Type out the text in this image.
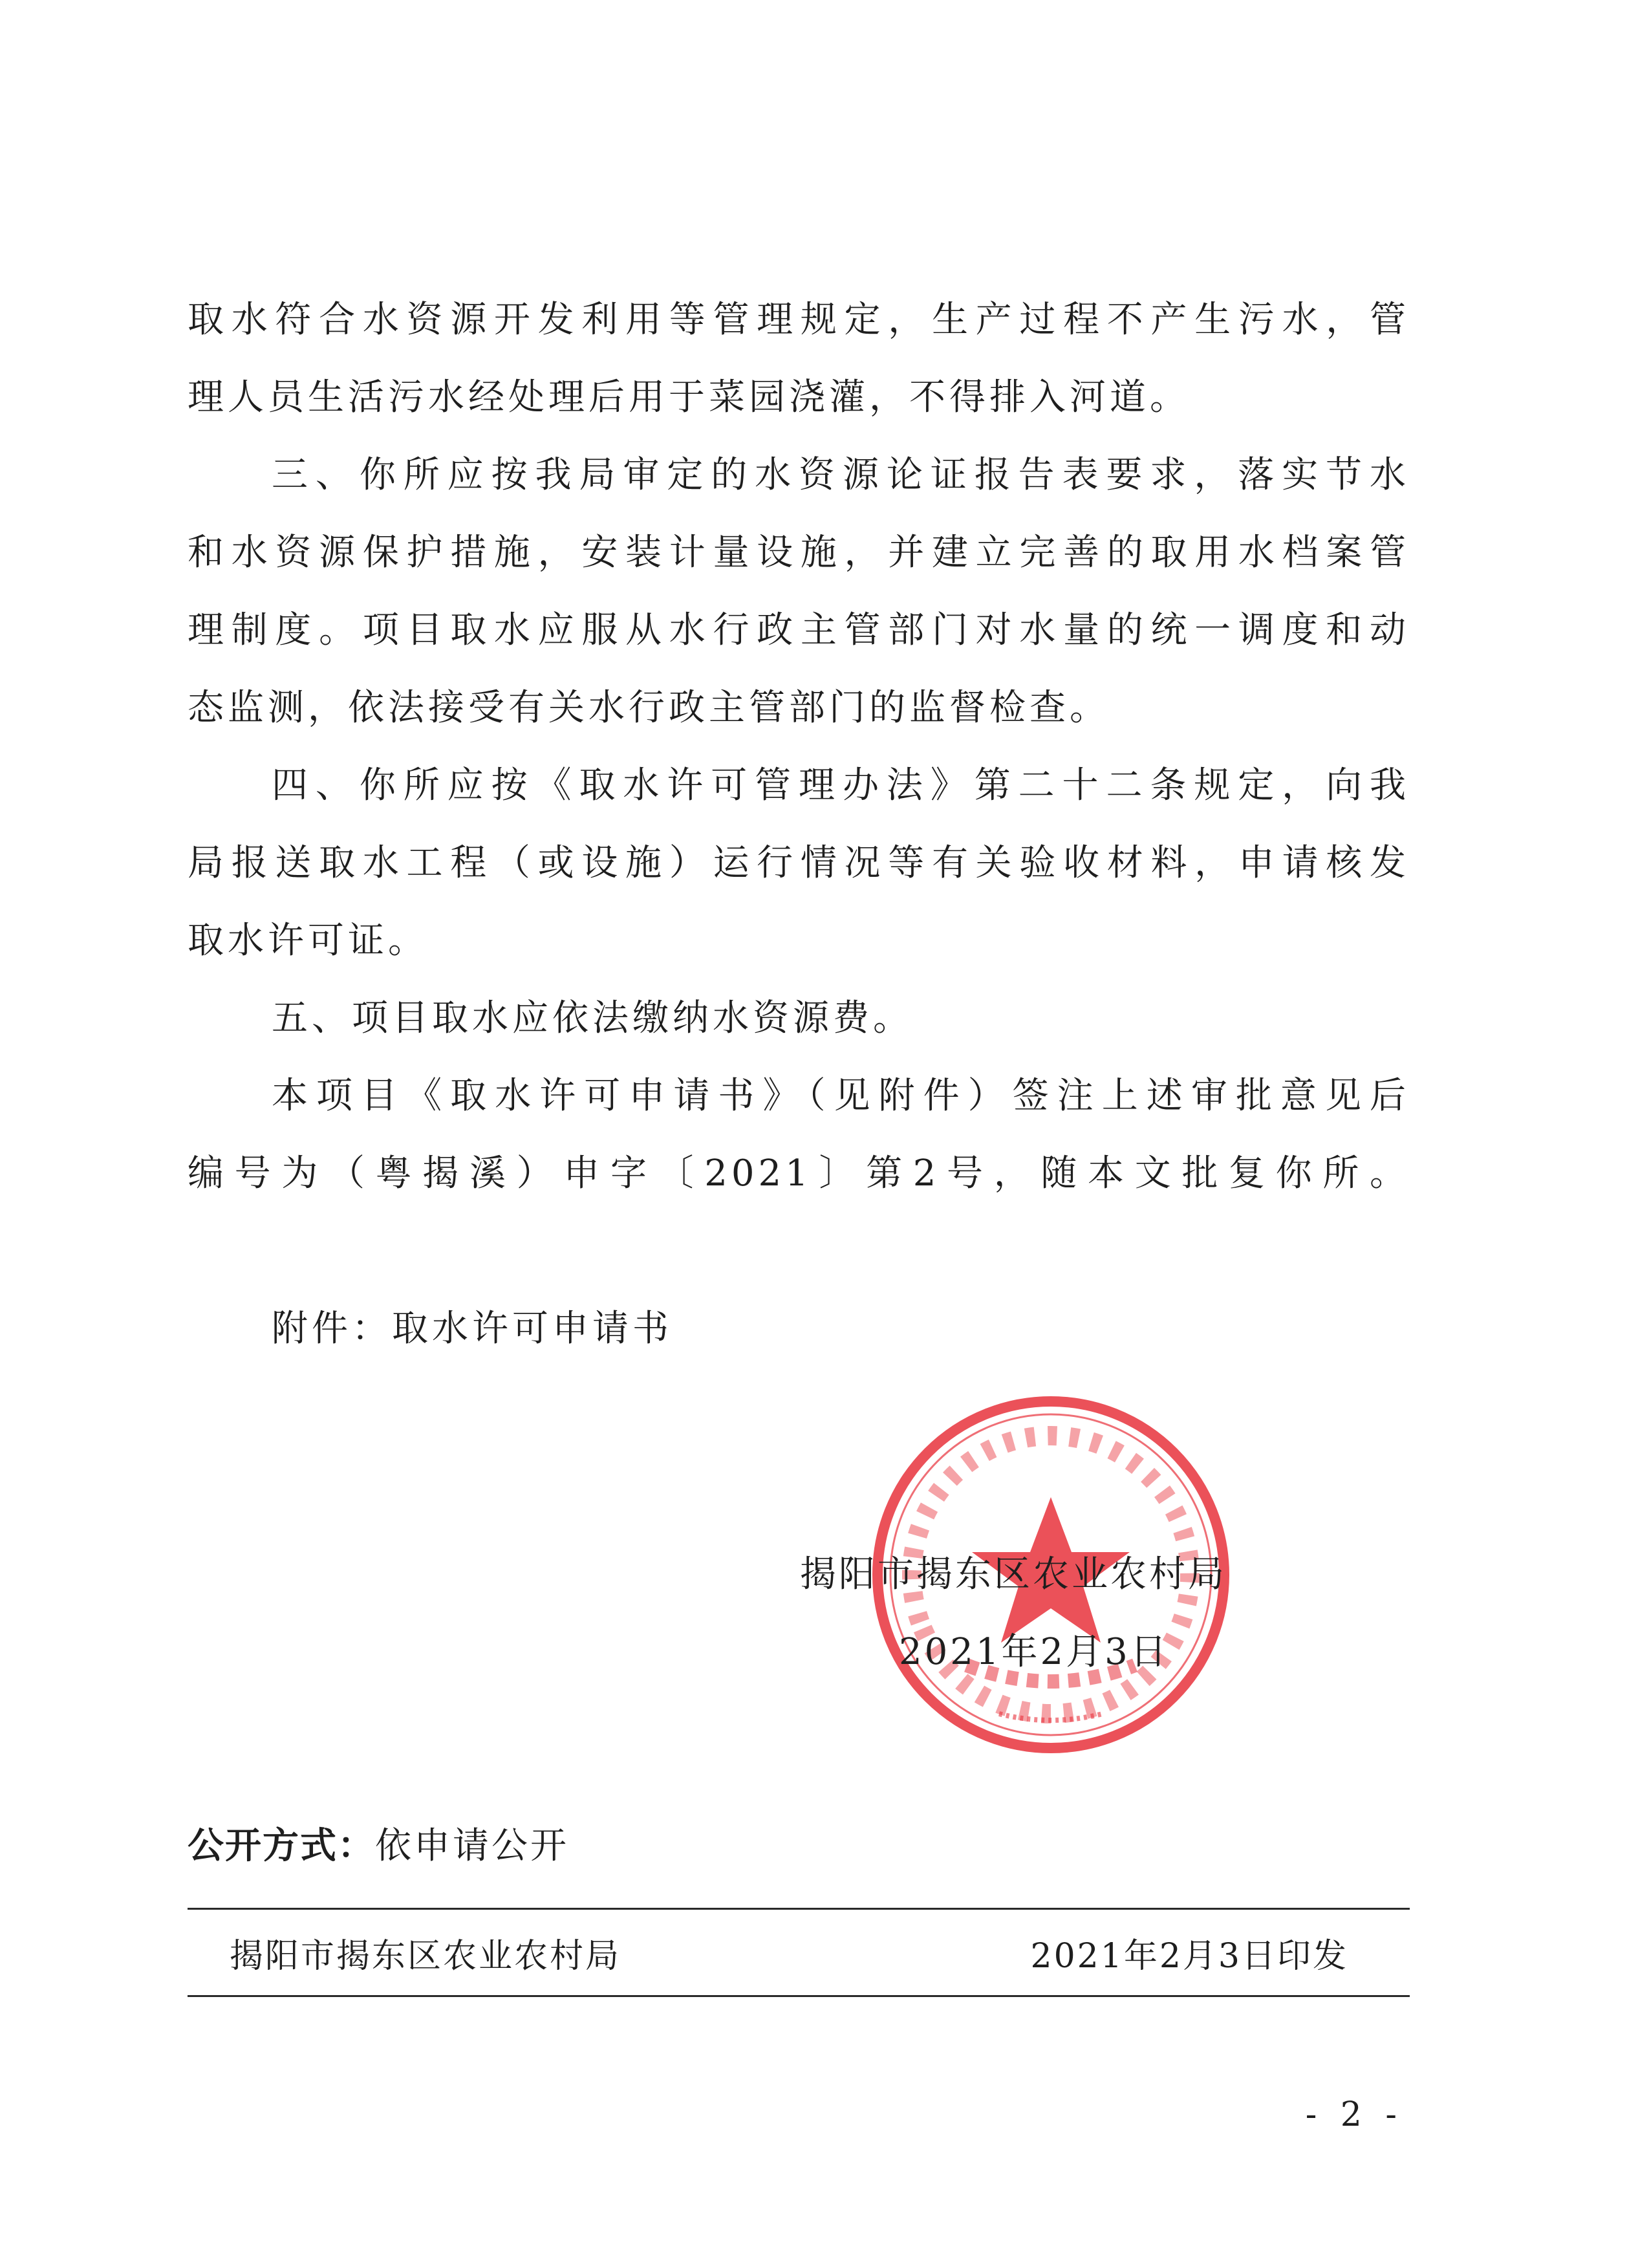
取水符合水资源开发利用等管理规定，生产过程不产生污水，管
理人员生活污水经处理后用于菜园浇灌，不得排入河道。
三、你所应按我局审定的水资源论证报告表要求，落实节水
和水资源保护措施，安装计量设施，并建立完善的取用水档案管
理制度。项目取水应服从水行政主管部门对水量的统一调度和动
态监测，依法接受有关水行政主管部门的监督检查。
四、你所应按《取水许可管理办法》第二十二条规定，向我
局报送取水工程（或设施）运行情况等有关验收材料，申请核发
取水许可证。
五、项目取水应依法缴纳水资源费。
本项目《取水许可申请书》（见附件）签注上述审批意见后
编号为（粤揭溪）申字〔2021〕第2号，随本文批复你所。
附件：取水许可申请书
揭阳市揭东区农业农村局
2021年2月3日
公开方式：依申请公开
揭阳市揭东区农业农村局	2021年2月3日印发
- 2 -
